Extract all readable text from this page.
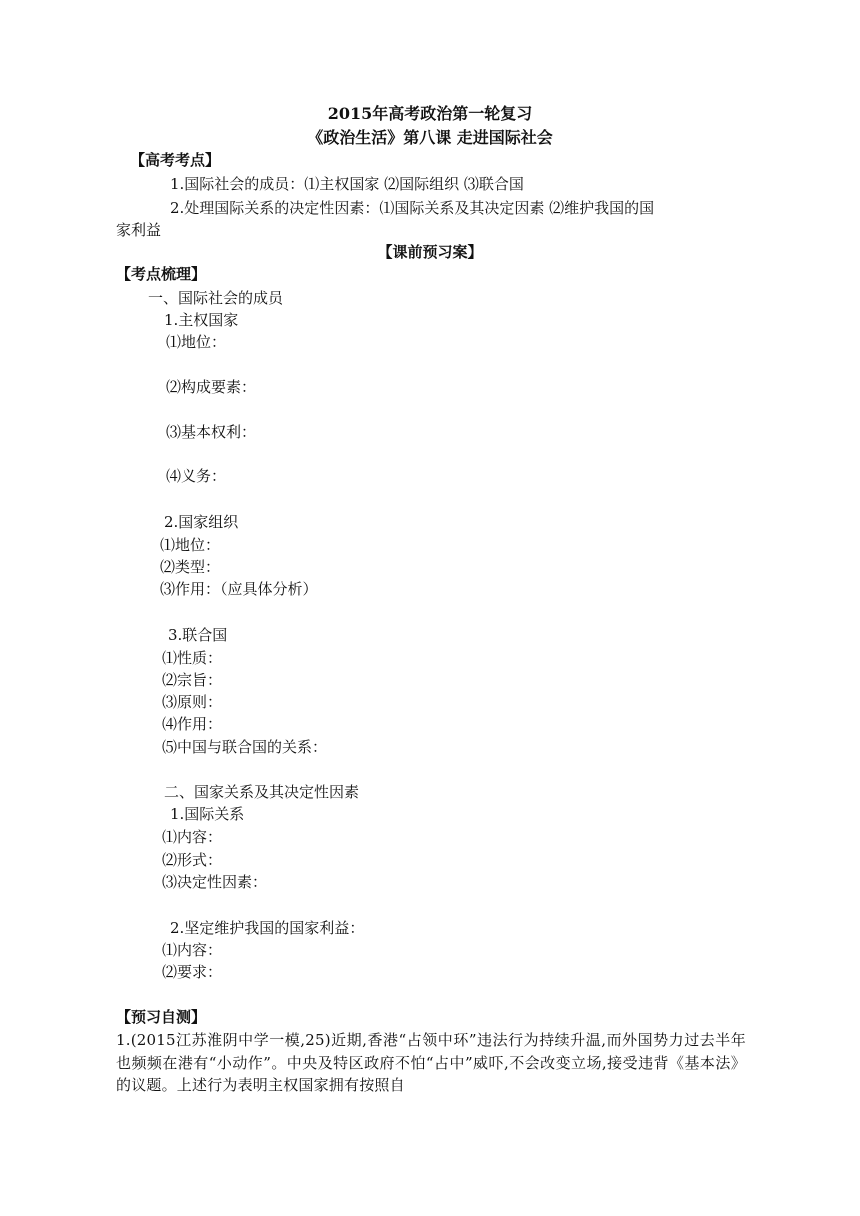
2015年高考政治第一轮复习
《政治生活》第八课 走进国际社会
【高考考点】
1.国际社会的成员：⑴主权国家 ⑵国际组织 ⑶联合国
2.处理国际关系的决定性因素：⑴国际关系及其决定因素 ⑵维护我国的国
家利益
【课前预习案】
【考点梳理】
一、国际社会的成员
1.主权国家
⑴地位：
⑵构成要素：
⑶基本权利：
⑷义务：
2.国家组织
⑴地位：
⑵类型：
⑶作用：（应具体分析）
3.联合国
⑴性质：
⑵宗旨：
⑶原则：
⑷作用：
⑸中国与联合国的关系：
二、国家关系及其决定性因素
1.国际关系
⑴内容：
⑵形式：
⑶决定性因素：
2.坚定维护我国的国家利益：
⑴内容：
⑵要求：
【预习自测】
1.(2015江苏淮阴中学一模,25)近期,香港“占领中环”违法行为持续升温,而外国势力过去半年也频频在港有“小动作”。中央及特区政府不怕“占中”威吓,不会改变立场,接受违背《基本法》的议题。上述行为表明主权国家拥有按照自
